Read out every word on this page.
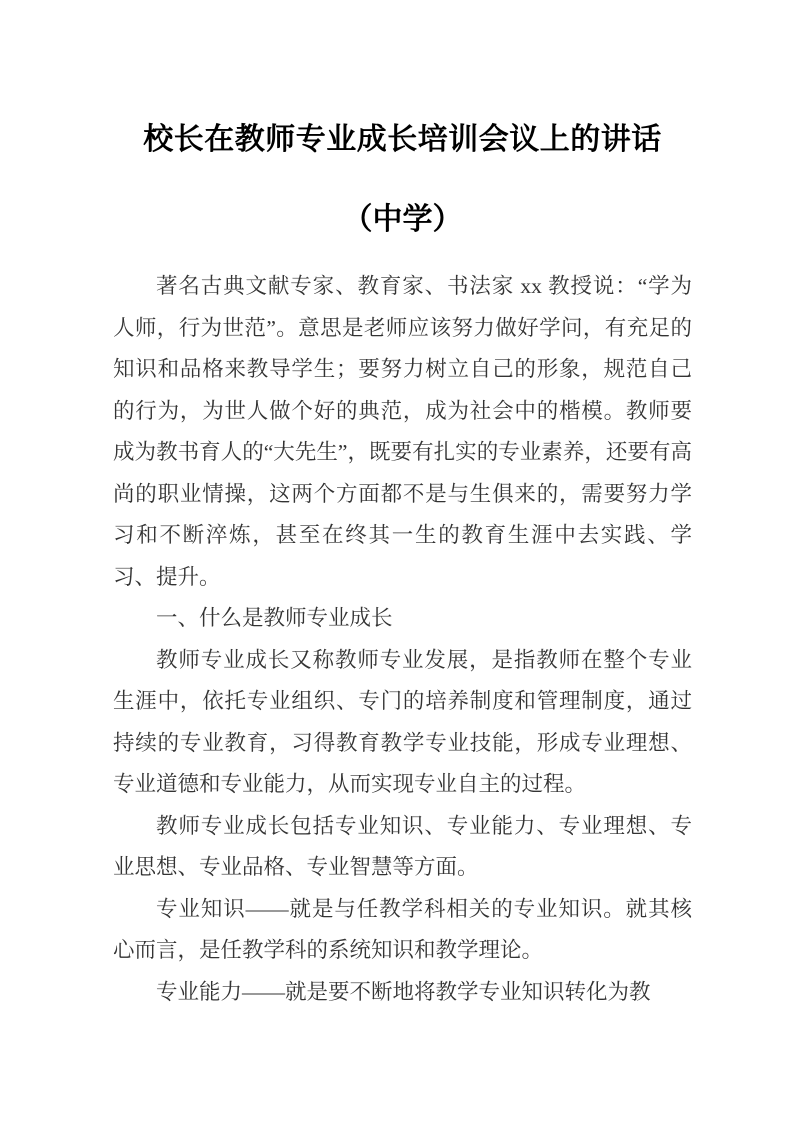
校长在教师专业成长培训会议上的讲话
（中学）

著名古典文献专家、教育家、书法家 xx 教授说：“学为人师，行为世范”。意思是老师应该努力做好学问，有充足的知识和品格来教导学生；要努力树立自己的形象，规范自己的行为，为世人做个好的典范，成为社会中的楷模。教师要成为教书育人的“大先生”，既要有扎实的专业素养，还要有高尚的职业情操，这两个方面都不是与生俱来的，需要努力学习和不断淬炼，甚至在终其一生的教育生涯中去实践、学习、提升。

一、什么是教师专业成长

教师专业成长又称教师专业发展，是指教师在整个专业生涯中，依托专业组织、专门的培养制度和管理制度，通过持续的专业教育，习得教育教学专业技能，形成专业理想、专业道德和专业能力，从而实现专业自主的过程。

教师专业成长包括专业知识、专业能力、专业理想、专业思想、专业品格、专业智慧等方面。

专业知识——就是与任教学科相关的专业知识。就其核心而言，是任教学科的系统知识和教学理论。

专业能力——就是要不断地将教学专业知识转化为教
